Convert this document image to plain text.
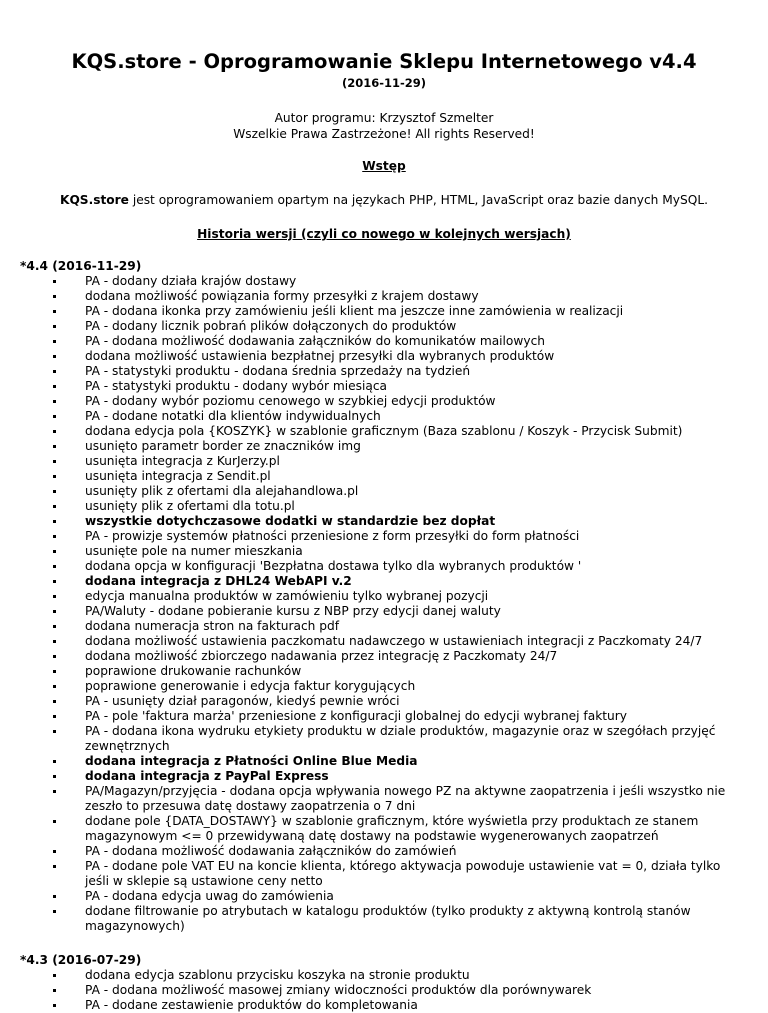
KQS.store - Oprogramowanie Sklepu Internetowego v4.4
(2016-11-29)
Autor programu: Krzysztof Szmelter
Wszelkie Prawa Zastrzeżone! All rights Reserved!
Wstęp
KQS.store jest oprogramowaniem opartym na językach PHP, HTML, JavaScript oraz bazie danych MySQL.
Historia wersji (czyli co nowego w kolejnych wersjach)
*4.4 (2016-11-29)
PA - dodany działa krajów dostawy
dodana możliwość powiązania formy przesyłki z krajem dostawy
PA - dodana ikonka przy zamówieniu jeśli klient ma jeszcze inne zamówienia w realizacji
PA - dodany licznik pobrań plików dołączonych do produktów
PA - dodana możliwość dodawania załączników do komunikatów mailowych
dodana możliwość ustawienia bezpłatnej przesyłki dla wybranych produktów
PA - statystyki produktu - dodana średnia sprzedaży na tydzień
PA - statystyki produktu - dodany wybór miesiąca
PA - dodany wybór poziomu cenowego w szybkiej edycji produktów
PA - dodane notatki dla klientów indywidualnych
dodana edycja pola {KOSZYK} w szablonie graficznym (Baza szablonu / Koszyk - Przycisk Submit)
usunięto parametr border ze znaczników img
usunięta integracja z KurJerzy.pl
usunięta integracja z Sendit.pl
usunięty plik z ofertami dla alejahandlowa.pl
usunięty plik z ofertami dla totu.pl
wszystkie dotychczasowe dodatki w standardzie bez dopłat
PA - prowizje systemów płatności przeniesione z form przesyłki do form płatności
usunięte pole na numer mieszkania
dodana opcja w konfiguracji 'Bezpłatna dostawa tylko dla wybranych produktów '
dodana integracja z DHL24 WebAPI v.2
edycja manualna produktów w zamówieniu tylko wybranej pozycji
PA/Waluty - dodane pobieranie kursu z NBP przy edycji danej waluty
dodana numeracja stron na fakturach pdf
dodana możliwość ustawienia paczkomatu nadawczego w ustawieniach integracji z Paczkomaty 24/7
dodana możliwość zbiorczego nadawania przez integrację z Paczkomaty 24/7
poprawione drukowanie rachunków
poprawione generowanie i edycja faktur korygujących
PA - usunięty dział paragonów, kiedyś pewnie wróci
PA - pole 'faktura marża' przeniesione z konfiguracji globalnej do edycji wybranej faktury
PA - dodana ikona wydruku etykiety produktu w dziale produktów, magazynie oraz w szegółach przyjęć zewnętrznych
dodana integracja z Płatności Online Blue Media
dodana integracja z PayPal Express
PA/Magazyn/przyjęcia - dodana opcja wpływania nowego PZ na aktywne zaopatrzenia i jeśli wszystko nie zeszło to przesuwa datę dostawy zaopatrzenia o 7 dni
dodane pole {DATA_DOSTAWY} w szablonie graficznym, które wyświetla przy produktach ze stanem magazynowym <= 0 przewidywaną datę dostawy na podstawie wygenerowanych zaopatrzeń
PA - dodana możliwość dodawania załączników do zamówień
PA - dodane pole VAT EU na koncie klienta, którego aktywacja powoduje ustawienie vat = 0, działa tylko jeśli w sklepie są ustawione ceny netto
PA - dodana edycja uwag do zamówienia
dodane filtrowanie po atrybutach w katalogu produktów (tylko produkty z aktywną kontrolą stanów magazynowych)
*4.3 (2016-07-29)
dodana edycja szablonu przycisku koszyka na stronie produktu
PA - dodana możliwość masowej zmiany widoczności produktów dla porównywarek
PA - dodane zestawienie produktów do kompletowania
